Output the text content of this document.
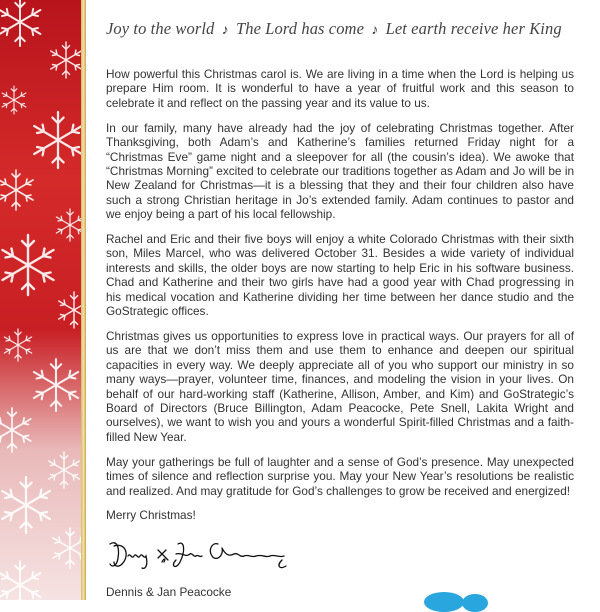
Joy to the world ♪ The Lord has come ♪ Let earth receive her King

How powerful this Christmas carol is. We are living in a time when the Lord is helping us prepare Him room. It is wonderful to have a year of fruitful work and this season to celebrate it and reflect on the passing year and its value to us.

In our family, many have already had the joy of celebrating Christmas together. After Thanksgiving, both Adam’s and Katherine’s families returned Friday night for a “Christmas Eve” game night and a sleepover for all (the cousin’s idea). We awoke that “Christmas Morning” excited to celebrate our traditions together as Adam and Jo will be in New Zealand for Christmas—it is a blessing that they and their four children also have such a strong Christian heritage in Jo’s extended family. Adam continues to pastor and we enjoy being a part of his local fellowship.

Rachel and Eric and their five boys will enjoy a white Colorado Christmas with their sixth son, Miles Marcel, who was delivered October 31. Besides a wide variety of individual interests and skills, the older boys are now starting to help Eric in his software business. Chad and Katherine and their two girls have had a good year with Chad progressing in his medical vocation and Katherine dividing her time between her dance studio and the GoStrategic offices.

Christmas gives us opportunities to express love in practical ways. Our prayers for all of us are that we don’t miss them and use them to enhance and deepen our spiritual capacities in every way. We deeply appreciate all of you who support our ministry in so many ways—prayer, volunteer time, finances, and modeling the vision in your lives. On behalf of our hard-working staff (Katherine, Allison, Amber, and Kim) and GoStrategic’s Board of Directors (Bruce Billington, Adam Peacocke, Pete Snell, Lakita Wright and ourselves), we want to wish you and yours a wonderful Spirit-filled Christmas and a faith-filled New Year.

May your gatherings be full of laughter and a sense of God’s presence. May unexpected times of silence and reflection surprise you. May your New Year’s resolutions be realistic and realized. And may gratitude for God’s challenges to grow be received and energized!

Merry Christmas!

Dennis & Jan Peacocke
